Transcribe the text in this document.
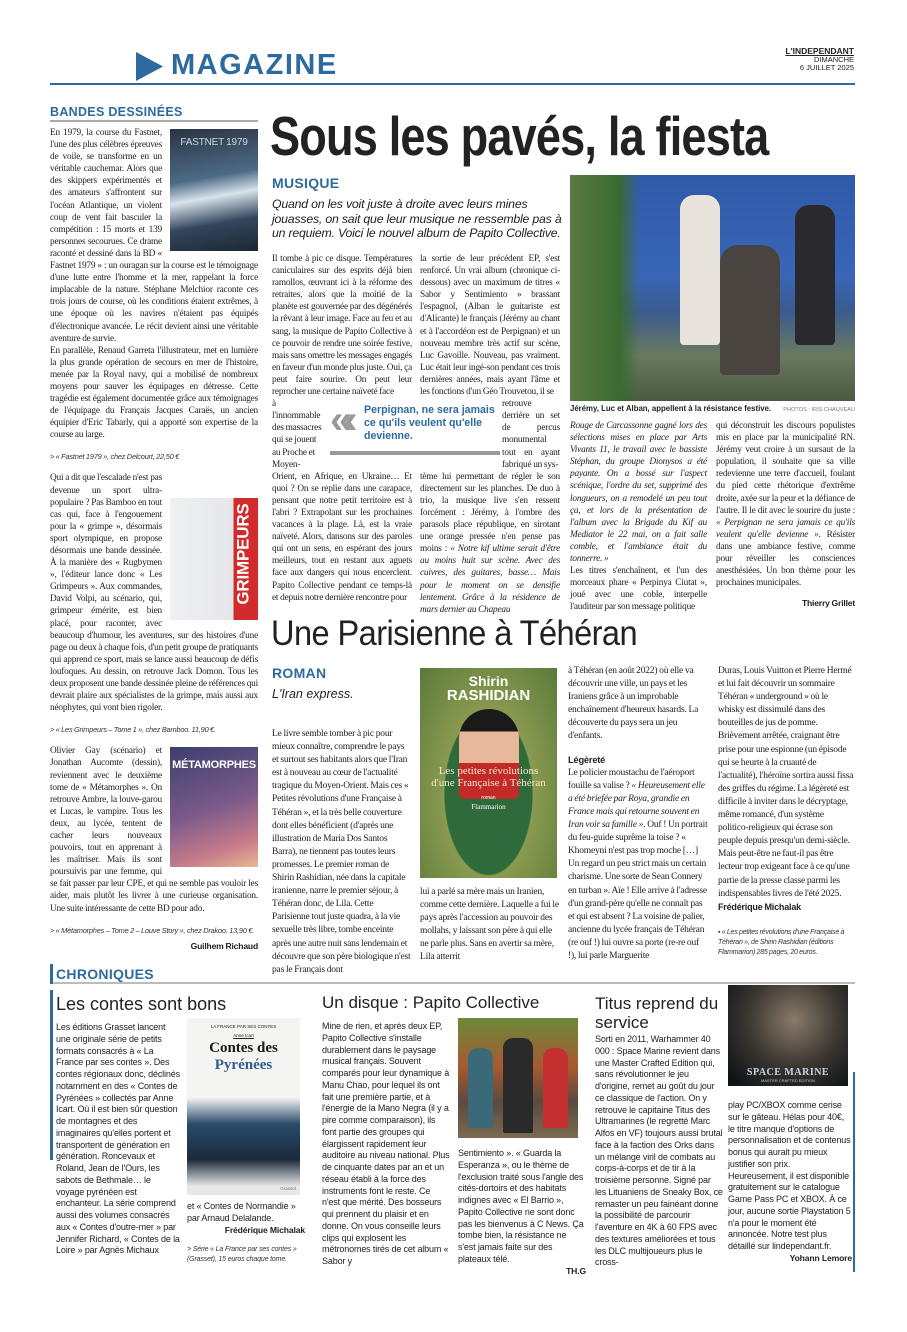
MAGAZINE	L'INDEPENDANT
DIMANCHE
6 JUILLET 2025
BANDES DESSINÉES
FASTNET 1979

En 1979, la course du Fastnet, l'une des plus célèbres épreuves de voile, se transforme en un véritable cauchemar. Alors que des skippers expérimentés et des amateurs s'affrontent sur l'océan Atlantique, un violent coup de vent fait basculer la compétition : 15 morts et 139 personnes secourues. Ce drame raconté et dessiné dans la BD « Fastnet 1979 » : un ouragan sur la course est le témoignage d'une lutte entre l'homme et la mer, rappelant la force implacable de la nature. Stéphane Melchior raconte ces trois jours de course, où les conditions étaient extrêmes, à une époque où les navires n'étaient pas équipés d'électronique avancée. Le récit devient ainsi une véritable aventure de survie.

En parallèle, Renaud Garreta l'illustrateur, met en lumière la plus grande opération de secours en mer de l'histoire, menée par la Royal navy, qui a mobilisé de nombreux moyens pour sauver les équipages en détresse. Cette tragédie est également documentée grâce aux témoignages de l'équipage du Français Jacques Caraës, un ancien équipier d'Eric Tabarly, qui a apporté son expertise de la course au large.

> « Fastnet 1979 », chez Delcourt, 22,50 €
GRIMPEURS

Qui a dit que l'escalade n'est pas devenue un sport ultra-populaire ? Pas Bamboo en tout cas qui, face à l'engouement pour la « grimpe », désormais sport olympique, en propose désormais une bande dessinée. À la manière des « Rugbymen », l'éditeur lance donc « Les Grimpeurs ». Aux commandes, David Volpi, au scénario, qui, grimpeur émérite, est bien placé, pour raconter, avec beaucoup d'humour, les aventures, sur des histoires d'une page ou deux à chaque fois, d'un petit groupe de pratiquants qui apprend ce sport, mais se lance aussi beaucoup de défis loufoques. Au dessin, on retrouve Jack Domon. Tous les deux proposent une bande dessinée pleine de références qui devrait plaire aux spécialistes de la grimpe, mais aussi aux néophytes, qui vont bien rigoler.

> « Les Grimpeurs – Tome 1 », chez Bamboo. 11,90 €.
MÉTAMORPHES

Olivier Gay (scénario) et Jonathan Aucomte (dessin), reviennent avec le deuxième tome de « Métamorphes ». On retrouve Ambre, la louve-garou et Lucas, le vampire. Tous les deux, au lycée, tentent de cacher leurs nouveaux pouvoirs, tout en apprenant à les maîtriser. Mais ils sont poursuivis par une femme, qui se fait passer par leur CPE, et qui ne semble pas vouloir les aider, mais plutôt les livrer à une curieuse organisation. Une suite intéressante de cette BD pour ado.

> « Métamorphes – Tome 2 – Louve Story », chez Drakoo. 13,90 €.
Guilhem Richaud
Sous les pavés, la fiesta
MUSIQUE
Quand on les voit juste à droite avec leurs mines jouasses, on sait que leur musique ne ressemble pas à un requiem. Voici le nouvel album de Papito Collective.

Il tombe à pic ce disque. Températures caniculaires sur des esprits déjà bien ramollos, œuvrant ici à la réforme des retraites, alors que la moitié de la planète est gouvernée par des dégénérés la rêvant à leur image. Face au feu et au sang, la musique de Papito Collective à ce pouvoir de rendre une soirée festive, mais sans omettre les messages engagés en faveur d'un monde plus juste. Oui, ça peut faire sourire. On peut leur reprocher une certaine naïveté face

à l'innommable des massacres qui se jouent au Proche et Moyen-

Orient, en Afrique, en Ukraine… Et quoi ? On se replie dans une carapace, pensant que notre petit territoire est à l'abri ? Extrapolant sur les prochaines vacances à la plage. Là, est la vraie naïveté. Alors, dansons sur des paroles qui ont un sens, en espérant des jours meilleurs, tout en restant aux aguets face aux dangers qui nous encerclent. Papito Collective pendant ce temps-là et depuis notre dernière rencontre pour

la sortie de leur précédent EP, s'est renforcé. Un vrai album (chronique ci-dessous) avec un maximum de titres « Sabor y Sentimiento » brassant l'espagnol, (Alban le guitariste est d'Alicante) le français (Jérémy au chant et à l'accordéon est de Perpignan) et un nouveau membre très actif sur scène, Luc Gavoille. Nouveau, pas vraiment. Luc était leur ingé-son pendant ces trois dernières années, mais ayant l'âme et les fonctions d'un Géo Trouvetou, il se

retrouve derrière un set de percus monumental tout en ayant fabriqué un sys-

tème lui permettant de régler le son directement sur les planches. De duo à trio, la musique live s'en ressent forcément : Jérémy, à l'ombre des parasols place république, en sirotant une orange pressée n'en pense pas moins : « Notre kif ultime serait d'être au moins huit sur scène. Avec des cuivres, des guitares, basse… Mais pour le moment on se densifie lentement. Grâce à la résidence de mars dernier au Chapeau

«‹ Perpignan, ne sera jamais ce qu'ils veulent qu'elle devienne.
Jérémy, Luc et Alban, appellent à la résistance festive. PHOTOS : IRIS CHAUVEAU

Rouge de Carcassonne gagné lors des sélections mises en place par Arts Vivants 11, le travail avec le bassiste Stéphan, du groupe Dionysos a été payante. On a bossé sur l'aspect scénique, l'ordre du set, supprimé des longueurs, on a remodelé un peu tout ça, et lors de la présentation de l'album avec la Brigade du Kif au Mediator le 22 mai, on a fait salle comble, et l'ambiance était du tonnerre. »

Les titres s'enchaînent, et l'un des morceaux phare « Perpinya Ciutat », joué avec une coble, interpelle l'auditeur par son message politique

qui déconstruit les discours populistes mis en place par la municipalité RN. Jérémy veut croire à un sursaut de la population, il souhaite que sa ville redevienne une terre d'accueil, foulant du pied cette rhétorique d'extrême droite, axée sur la peur et la défiance de l'autre. Il le dit avec le sourire du juste : « Perpignan ne sera jamais ce qu'ils veulent qu'elle devienne ». Résister dans une ambiance festive, comme pour réveiller les consciences anesthésiées. Un bon thème pour les prochaines municipales.

Thierry Grillet
Une Parisienne à Téhéran
ROMAN
L'Iran express.
Shirin
RASHIDIAN
Les petites révolutions d'une Française à Téhéran
roman
Flammarion

Le livre semble tomber à pic pour mieux connaître, comprendre le pays et surtout ses habitants alors que l'Iran est à nouveau au cœur de l'actualité tragique du Moyen-Orient. Mais ces « Petites révolutions d'une Française à Téhéran », et la très belle couverture dont elles bénéficient (d'après une illustration de Maria Dos Santos Barra), ne tiennent pas toutes leurs promesses. Le premier roman de Shirin Rashidian, née dans la capitale iranienne, narre le premier séjour, à Téhéran donc, de Lila. Cette Parisienne tout juste quadra, à la vie sexuelle très libre, tombe enceinte après une autre nuit sans lendemain et découvre que son père biologique n'est pas le Français dont

lui a parlé sa mère mais un Iranien, comme cette dernière. Laquelle a fui le pays après l'accession au pouvoir des mollahs, y laissant son père à qui elle ne parle plus. Sans en avertir sa mère, Lila atterrit

à Téhéran (en août 2022) où elle va découvrir une ville, un pays et les Iraniens grâce à un improbable enchaînement d'heureux hasards. La découverte du pays sera un jeu d'enfants.

Légèreté

Le policier moustachu de l'aéroport fouille sa valise ? « Heureusement elle a été briefée par Roya, grandie en France mais qui retourne souvent en Iran voir sa famille ». Ouf ! Un portrait du feu-guide suprême la toise ? « Khomeyni n'est pas trop moche […] Un regard un peu strict mais un certain charisme. Une sorte de Sean Connery en turban ». Aïe ! Elle arrive à l'adresse d'un grand-père qu'elle ne connaît pas et qui est absent ? La voisine de palier, ancienne du lycée français de Téhéran (re ouf !) lui ouvre sa porte (re-re ouf !), lui parle Marguerite

Duras, Louis Vuitton et Pierre Hermé et lui fait découvrir un sommaire Téhéran « underground » où le whisky est dissimulé dans des bouteilles de jus de pomme. Brièvement arrêtée, craignant être prise pour une espionne (un épisode qui se heurte à la cruauté de l'actualité), l'héroïne sortira aussi fissa des griffes du régime. La légèreté est difficile à inviter dans le décryptage, même romancé, d'un système politico-religieux qui écrase son peuple depuis presqu'un demi-siècle. Mais peut-être ne faut-il pas être lecteur trop exigeant face à ce qu'une partie de la presse classe parmi les indispensables livres de l'été 2025.

Frédérique Michalak
▪ « Les petites révolutions d'une Française à Téhéran », de Shirin Rashidian (éditions Flammarion) 285 pages, 20 euros.
CHRONIQUES
Les contes sont bons
Les éditions Grasset lancent une originale série de petits formats consacrés à « La France par ses contes ». Des contes régionaux donc, déclinés notamment en des « Contes de Pyrénées » collectés par Anne Icart. Où il est bien sûr question de montagnes et des imaginaires qu'elles portent et transportent de génération en génération. Roncevaux et Roland, Jean de l'Ours, les sabots de Bethmale… le voyage pyrénéen est enchanteur. La série comprend aussi des volumes consacrés aux « Contes d'outre-mer » par Jennifer Richard, « Contes de la Loire » par Agnès Michaux
LA FRANCE PAR SES CONTES
Anne Icart
Contes des
Pyrénées
Grasset
et « Contes de Normandie » par Arnaud Delalande.
Frédérique Michalak
> Série « La France par ses contes » (Grasset), 15 euros chaque tome.
Un disque : Papito Collective
Mine de rien, et après deux EP, Papito Collective s'installe durablement dans le paysage musical français. Souvent comparés pour leur dynamique à Manu Chao, pour lequel ils ont fait une première partie, et à l'énergie de la Mano Negra (il y a pire comme comparaison), ils font partie des groupes qui élargissent rapidement leur auditoire au niveau national. Plus de cinquante dates par an et un réseau établi à la force des instruments font le reste. Ce n'est que mérité. Des bosseurs qui prennent du plaisir et en donne. On vous conseille leurs clips qui explosent les métronomes tirés de cet album « Sabor y
Sentimiento ». « Guarda la Esperanza », ou le thème de l'exclusion traité sous l'angle des cités-dortoirs et des habitats indignes avec « El Barrio », Papito Collective ne sont donc pas les bienvenus à C News. Ça tombe bien, la résistance ne s'est jamais faite sur des plateaux télé.
TH.G
Titus reprend du service
Sorti en 2011, Warhammer 40 000 : Space Marine revient dans une Master Crafted Edition qui, sans révolutionner le jeu d'origine, remet au goût du jour ce classique de l'action. On y retrouve le capitaine Titus des Ultramarines (le regretté Marc Alfos en VF) toujours aussi brutal face à la faction des Orks dans un mélange viril de combats au corps-à-corps et de tir à la troisième personne. Signé par les Lituaniens de Sneaky Box, ce remaster un peu fainéant donne la possibilité de parcourir l'aventure en 4K à 60 FPS avec des textures améliorées et tous les DLC multijoueurs plus le cross-
SPACE MARINE
MASTER CRAFTED EDITION
play PC/XBOX comme cerise sur le gâteau. Hélas pour 40€, le titre manque d'options de personnalisation et de contenus bonus qui aurait pu mieux justifier son prix. Heureusement, il est disponible gratuitement sur le catalogue Game Pass PC et XBOX. À ce jour, aucune sortie Playstation 5 n'a pour le moment été annoncée. Notre test plus détaillé sur lindependant.fr.
Yohann Lemore
